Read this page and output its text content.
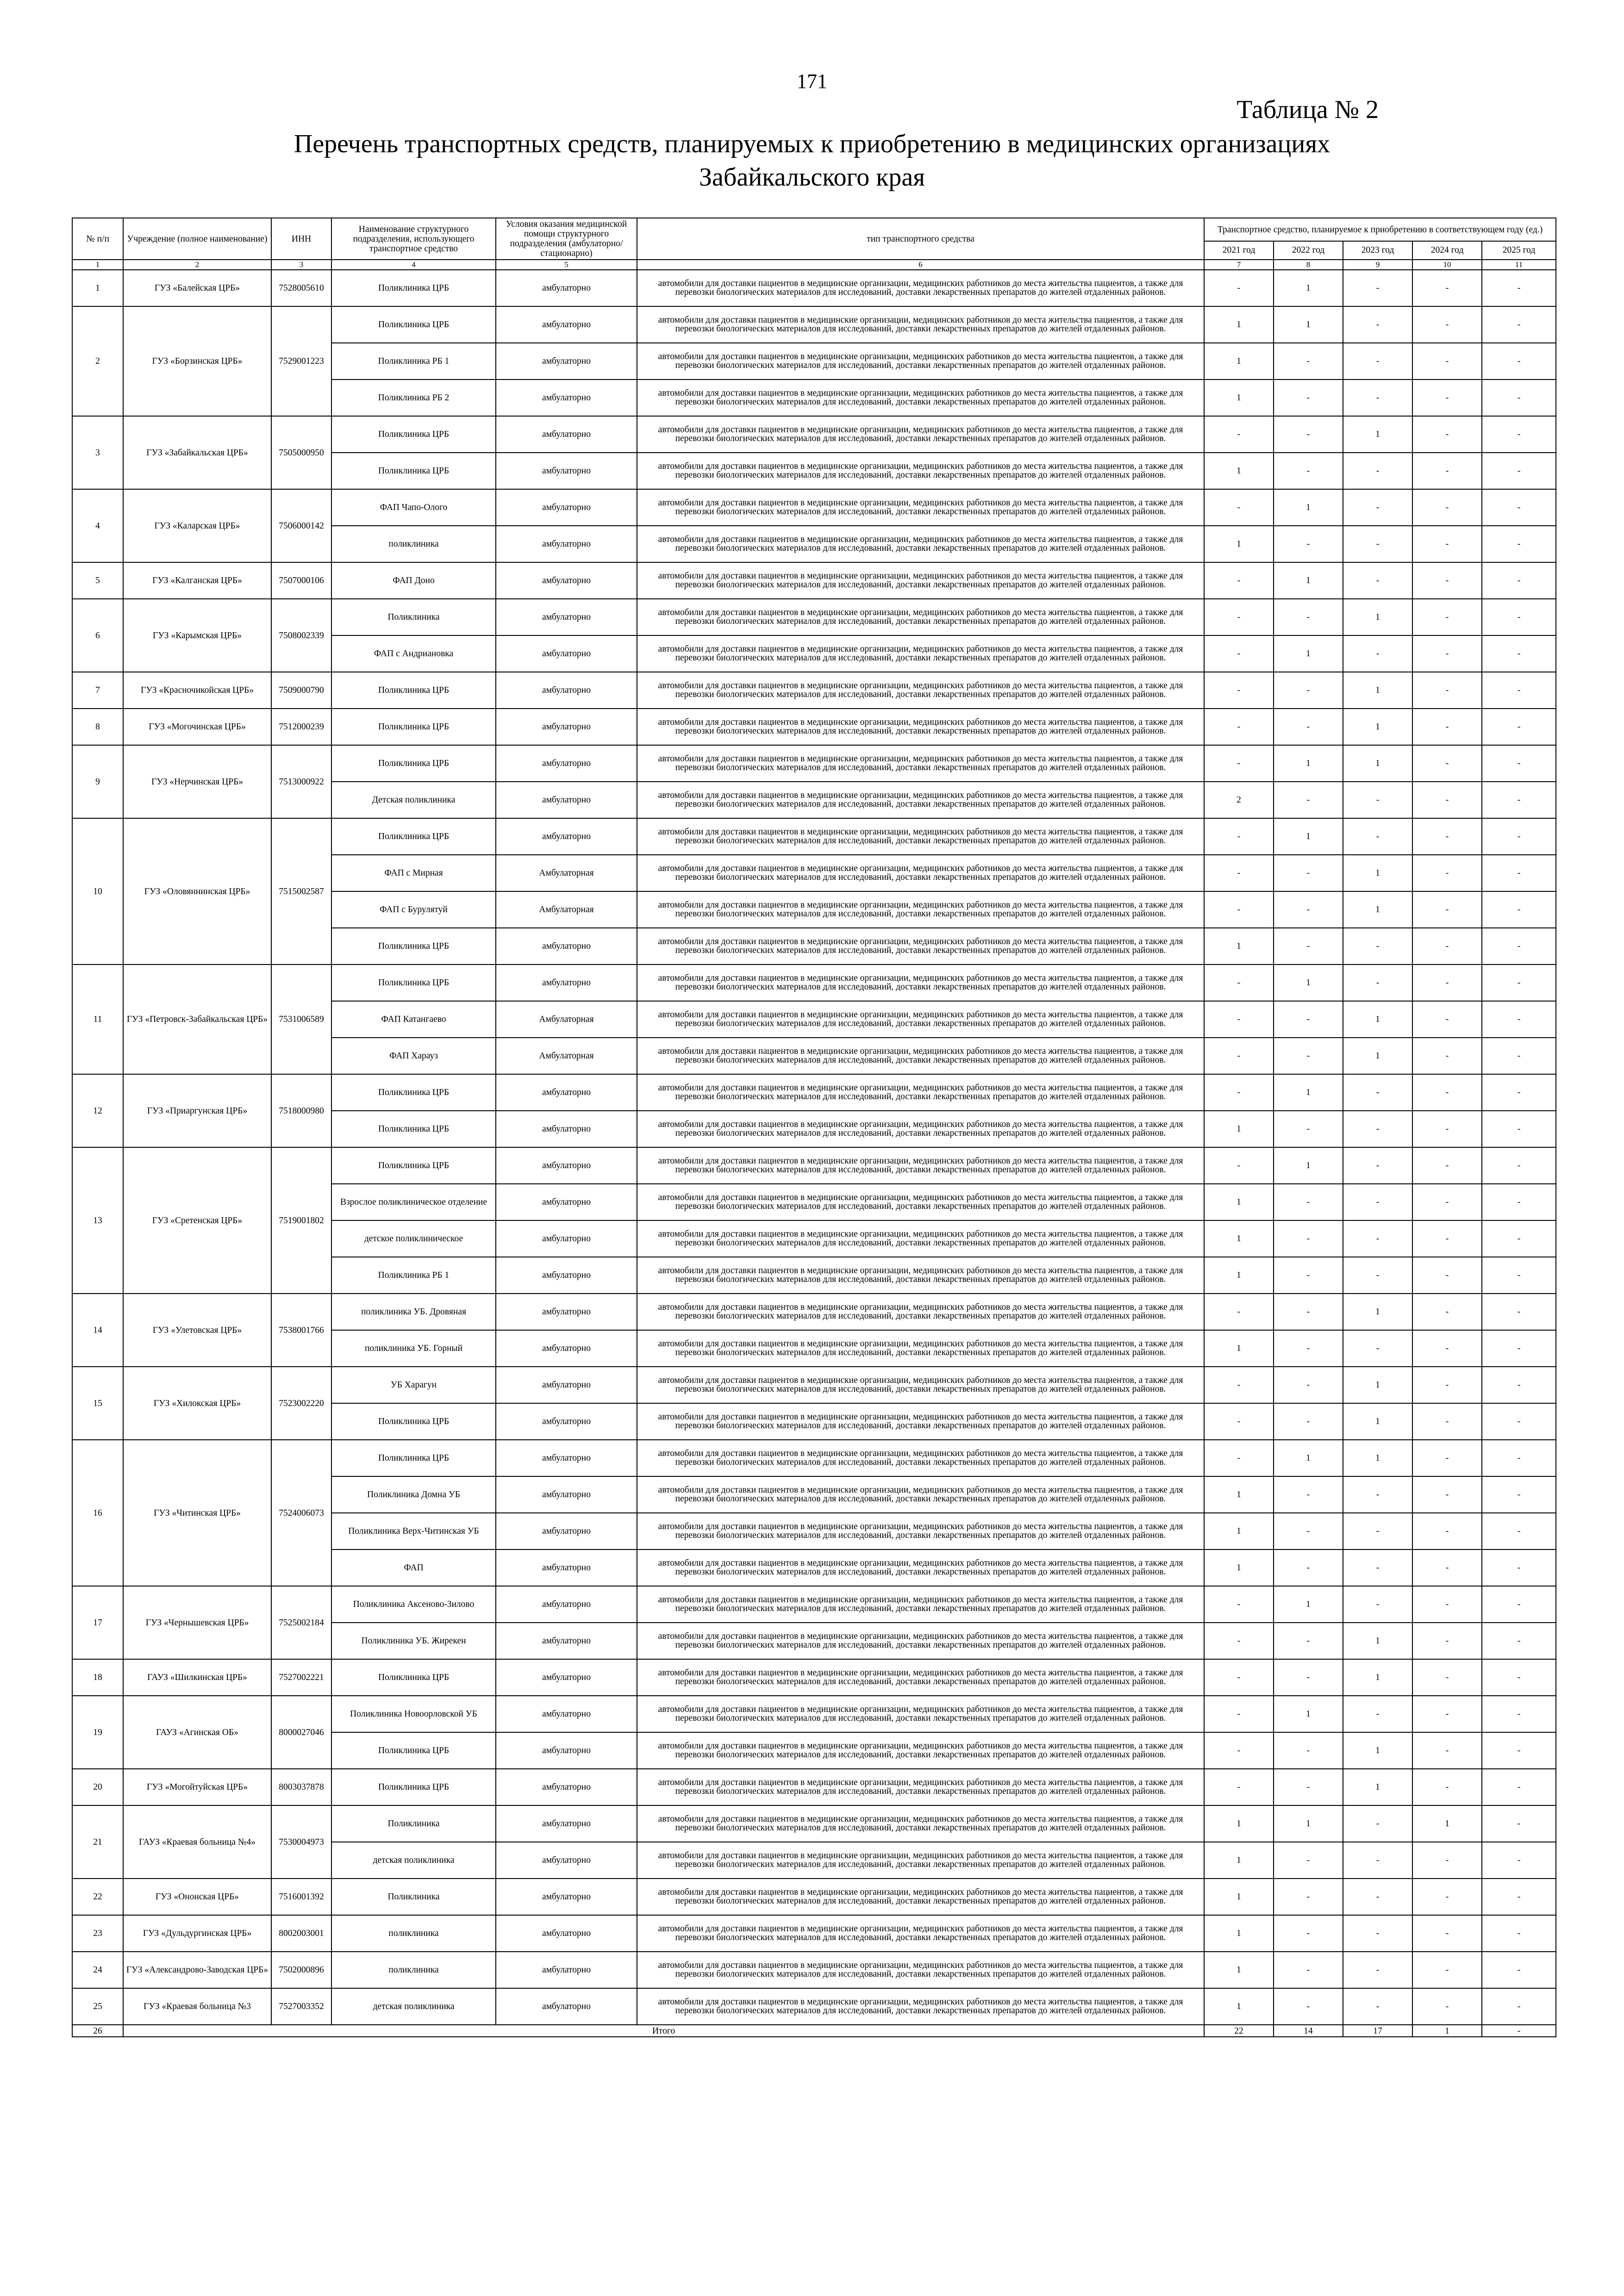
171
Таблица № 2
Перечень транспортных средств, планируемых к приобретению в медицинских организациях
Забайкальского края
№ п/п	Учреждение (полное наименование)	ИНН	Наименование структурного подразделения, использующего транспортное средство	Условия оказания медицинской помощи структурного подразделения (амбулаторно/стационарно)	тип транспортного средства	Транспортное средство, планируемое к приобретению в соответствующем году (ед.)				
						2021 год	2022 год	2023 год	2024 год	2025 год
1	2	3	4	5	6	7	8	9	10	11
1	ГУЗ «Балейская ЦРБ»	7528005610	Поликлиника ЦРБ	амбулаторно	автомобили для доставки пациентов в медицинские организации, медицинских работников до места жительства пациентов, а также для перевозки биологических материалов для исследований, доставки лекарственных препаратов до жителей отдаленных районов.	-	1	-	-	-
2	ГУЗ «Борзинская ЦРБ»	7529001223	Поликлиника ЦРБ	амбулаторно	автомобили для доставки пациентов в медицинские организации, медицинских работников до места жительства пациентов, а также для перевозки биологических материалов для исследований, доставки лекарственных препаратов до жителей отдаленных районов.	1	1	-	-	-
			Поликлиника РБ 1	амбулаторно	автомобили для доставки пациентов в медицинские организации, медицинских работников до места жительства пациентов, а также для перевозки биологических материалов для исследований, доставки лекарственных препаратов до жителей отдаленных районов.	1	-	-	-	-
			Поликлиника РБ 2	амбулаторно	автомобили для доставки пациентов в медицинские организации, медицинских работников до места жительства пациентов, а также для перевозки биологических материалов для исследований, доставки лекарственных препаратов до жителей отдаленных районов.	1	-	-	-	-
3	ГУЗ «Забайкальская ЦРБ»	7505000950	Поликлиника ЦРБ	амбулаторно	автомобили для доставки пациентов в медицинские организации, медицинских работников до места жительства пациентов, а также для перевозки биологических материалов для исследований, доставки лекарственных препаратов до жителей отдаленных районов.	-	-	1	-	-
			Поликлиника ЦРБ	амбулаторно	автомобили для доставки пациентов в медицинские организации, медицинских работников до места жительства пациентов, а также для перевозки биологических материалов для исследований, доставки лекарственных препаратов до жителей отдаленных районов.	1	-	-	-	-
4	ГУЗ «Каларская ЦРБ»	7506000142	ФАП Чапо-Олого	амбулаторно	автомобили для доставки пациентов в медицинские организации, медицинских работников до места жительства пациентов, а также для перевозки биологических материалов для исследований, доставки лекарственных препаратов до жителей отдаленных районов.	-	1	-	-	-
			поликлиника	амбулаторно	автомобили для доставки пациентов в медицинские организации, медицинских работников до места жительства пациентов, а также для перевозки биологических материалов для исследований, доставки лекарственных препаратов до жителей отдаленных районов.	1	-	-	-	-
5	ГУЗ «Калганская ЦРБ»	7507000106	ФАП Доно	амбулаторно	автомобили для доставки пациентов в медицинские организации, медицинских работников до места жительства пациентов, а также для перевозки биологических материалов для исследований, доставки лекарственных препаратов до жителей отдаленных районов.	-	1	-	-	-
6	ГУЗ «Карымская ЦРБ»	7508002339	Поликлиника	амбулаторно	автомобили для доставки пациентов в медицинские организации, медицинских работников до места жительства пациентов, а также для перевозки биологических материалов для исследований, доставки лекарственных препаратов до жителей отдаленных районов.	-	-	1	-	-
			ФАП с Андриановка	амбулаторно	автомобили для доставки пациентов в медицинские организации, медицинских работников до места жительства пациентов, а также для перевозки биологических материалов для исследований, доставки лекарственных препаратов до жителей отдаленных районов.	-	1	-	-	-
7	ГУЗ «Красночикойская ЦРБ»	7509000790	Поликлиника ЦРБ	амбулаторно	автомобили для доставки пациентов в медицинские организации, медицинских работников до места жительства пациентов, а также для перевозки биологических материалов для исследований, доставки лекарственных препаратов до жителей отдаленных районов.	-	-	1	-	-
8	ГУЗ «Могочинская ЦРБ»	7512000239	Поликлиника ЦРБ	амбулаторно	автомобили для доставки пациентов в медицинские организации, медицинских работников до места жительства пациентов, а также для перевозки биологических материалов для исследований, доставки лекарственных препаратов до жителей отдаленных районов.	-	-	1	-	-
9	ГУЗ «Нерчинская ЦРБ»	7513000922	Поликлиника ЦРБ	амбулаторно	автомобили для доставки пациентов в медицинские организации, медицинских работников до места жительства пациентов, а также для перевозки биологических материалов для исследований, доставки лекарственных препаратов до жителей отдаленных районов.	-	1	1	-	-
			Детская поликлиника	амбулаторно	автомобили для доставки пациентов в медицинские организации, медицинских работников до места жительства пациентов, а также для перевозки биологических материалов для исследований, доставки лекарственных препаратов до жителей отдаленных районов.	2	-	-	-	-
10	ГУЗ «Оловяннинская ЦРБ»	7515002587	Поликлиника ЦРБ	амбулаторно	автомобили для доставки пациентов в медицинские организации, медицинских работников до места жительства пациентов, а также для перевозки биологических материалов для исследований, доставки лекарственных препаратов до жителей отдаленных районов.	-	1	-	-	-
			ФАП с Мирная	Амбулаторная	автомобили для доставки пациентов в медицинские организации, медицинских работников до места жительства пациентов, а также для перевозки биологических материалов для исследований, доставки лекарственных препаратов до жителей отдаленных районов.	-	-	1	-	-
			ФАП с Бурулятуй	Амбулаторная	автомобили для доставки пациентов в медицинские организации, медицинских работников до места жительства пациентов, а также для перевозки биологических материалов для исследований, доставки лекарственных препаратов до жителей отдаленных районов.	-	-	1	-	-
			Поликлиника ЦРБ	амбулаторно	автомобили для доставки пациентов в медицинские организации, медицинских работников до места жительства пациентов, а также для перевозки биологических материалов для исследований, доставки лекарственных препаратов до жителей отдаленных районов.	1	-	-	-	-
11	ГУЗ «Петровск-Забайкальская ЦРБ»	7531006589	Поликлиника ЦРБ	амбулаторно	автомобили для доставки пациентов в медицинские организации, медицинских работников до места жительства пациентов, а также для перевозки биологических материалов для исследований, доставки лекарственных препаратов до жителей отдаленных районов.	-	1	-	-	-
			ФАП Катангаево	Амбулаторная	автомобили для доставки пациентов в медицинские организации, медицинских работников до места жительства пациентов, а также для перевозки биологических материалов для исследований, доставки лекарственных препаратов до жителей отдаленных районов.	-	-	1	-	-
			ФАП Харауз	Амбулаторная	автомобили для доставки пациентов в медицинские организации, медицинских работников до места жительства пациентов, а также для перевозки биологических материалов для исследований, доставки лекарственных препаратов до жителей отдаленных районов.	-	-	1	-	-
12	ГУЗ «Приаргунская ЦРБ»	7518000980	Поликлиника ЦРБ	амбулаторно	автомобили для доставки пациентов в медицинские организации, медицинских работников до места жительства пациентов, а также для перевозки биологических материалов для исследований, доставки лекарственных препаратов до жителей отдаленных районов.	-	1	-	-	-
			Поликлиника ЦРБ	амбулаторно	автомобили для доставки пациентов в медицинские организации, медицинских работников до места жительства пациентов, а также для перевозки биологических материалов для исследований, доставки лекарственных препаратов до жителей отдаленных районов.	1	-	-	-	-
13	ГУЗ «Сретенская ЦРБ»	7519001802	Поликлиника ЦРБ	амбулаторно	автомобили для доставки пациентов в медицинские организации, медицинских работников до места жительства пациентов, а также для перевозки биологических материалов для исследований, доставки лекарственных препаратов до жителей отдаленных районов.	-	1	-	-	-
			Взрослое поликлиническое отделение	амбулаторно	автомобили для доставки пациентов в медицинские организации, медицинских работников до места жительства пациентов, а также для перевозки биологических материалов для исследований, доставки лекарственных препаратов до жителей отдаленных районов.	1	-	-	-	-
			детское поликлиническое	амбулаторно	автомобили для доставки пациентов в медицинские организации, медицинских работников до места жительства пациентов, а также для перевозки биологических материалов для исследований, доставки лекарственных препаратов до жителей отдаленных районов.	1	-	-	-	-
			Поликлиника РБ 1	амбулаторно	автомобили для доставки пациентов в медицинские организации, медицинских работников до места жительства пациентов, а также для перевозки биологических материалов для исследований, доставки лекарственных препаратов до жителей отдаленных районов.	1	-	-	-	-
14	ГУЗ «Улетовская ЦРБ»	7538001766	поликлиника УБ. Дровяная	амбулаторно	автомобили для доставки пациентов в медицинские организации, медицинских работников до места жительства пациентов, а также для перевозки биологических материалов для исследований, доставки лекарственных препаратов до жителей отдаленных районов.	-	-	1	-	-
			поликлиника УБ. Горный	амбулаторно	автомобили для доставки пациентов в медицинские организации, медицинских работников до места жительства пациентов, а также для перевозки биологических материалов для исследований, доставки лекарственных препаратов до жителей отдаленных районов.	1	-	-	-	-
15	ГУЗ «Хилокская ЦРБ»	7523002220	УБ Харагун	амбулаторно	автомобили для доставки пациентов в медицинские организации, медицинских работников до места жительства пациентов, а также для перевозки биологических материалов для исследований, доставки лекарственных препаратов до жителей отдаленных районов.	-	-	1	-	-
			Поликлиника ЦРБ	амбулаторно	автомобили для доставки пациентов в медицинские организации, медицинских работников до места жительства пациентов, а также для перевозки биологических материалов для исследований, доставки лекарственных препаратов до жителей отдаленных районов.	-	-	1	-	-
16	ГУЗ «Читинская ЦРБ»	7524006073	Поликлиника ЦРБ	амбулаторно	автомобили для доставки пациентов в медицинские организации, медицинских работников до места жительства пациентов, а также для перевозки биологических материалов для исследований, доставки лекарственных препаратов до жителей отдаленных районов.	-	1	1	-	-
			Поликлиника Домна УБ	амбулаторно	автомобили для доставки пациентов в медицинские организации, медицинских работников до места жительства пациентов, а также для перевозки биологических материалов для исследований, доставки лекарственных препаратов до жителей отдаленных районов.	1	-	-	-	-
			Поликлиника Верх-Читинская УБ	амбулаторно	автомобили для доставки пациентов в медицинские организации, медицинских работников до места жительства пациентов, а также для перевозки биологических материалов для исследований, доставки лекарственных препаратов до жителей отдаленных районов.	1	-	-	-	-
			ФАП	амбулаторно	автомобили для доставки пациентов в медицинские организации, медицинских работников до места жительства пациентов, а также для перевозки биологических материалов для исследований, доставки лекарственных препаратов до жителей отдаленных районов.	1	-	-	-	-
17	ГУЗ «Чернышевская ЦРБ»	7525002184	Поликлиника Аксеново-Зиловo	амбулаторно	автомобили для доставки пациентов в медицинские организации, медицинских работников до места жительства пациентов, а также для перевозки биологических материалов для исследований, доставки лекарственных препаратов до жителей отдаленных районов.	-	1	-	-	-
			Поликлиника УБ. Жирекен	амбулаторно	автомобили для доставки пациентов в медицинские организации, медицинских работников до места жительства пациентов, а также для перевозки биологических материалов для исследований, доставки лекарственных препаратов до жителей отдаленных районов.	-	-	1	-	-
18	ГАУЗ «Шилкинская ЦРБ»	7527002221	Поликлиника ЦРБ	амбулаторно	автомобили для доставки пациентов в медицинские организации, медицинских работников до места жительства пациентов, а также для перевозки биологических материалов для исследований, доставки лекарственных препаратов до жителей отдаленных районов.	-	-	1	-	-
19	ГАУЗ «Агинская ОБ»	8000027046	Поликлиника Новоорловской УБ	амбулаторно	автомобили для доставки пациентов в медицинские организации, медицинских работников до места жительства пациентов, а также для перевозки биологических материалов для исследований, доставки лекарственных препаратов до жителей отдаленных районов.	-	1	-	-	-
			Поликлиника ЦРБ	амбулаторно	автомобили для доставки пациентов в медицинские организации, медицинских работников до места жительства пациентов, а также для перевозки биологических материалов для исследований, доставки лекарственных препаратов до жителей отдаленных районов.	-	-	1	-	-
20	ГУЗ «Могойтуйская ЦРБ»	8003037878	Поликлиника ЦРБ	амбулаторно	автомобили для доставки пациентов в медицинские организации, медицинских работников до места жительства пациентов, а также для перевозки биологических материалов для исследований, доставки лекарственных препаратов до жителей отдаленных районов.	-	-	1	-	-
21	ГАУЗ «Краевая больница №4»	7530004973	Поликлиника	амбулаторно	автомобили для доставки пациентов в медицинские организации, медицинских работников до места жительства пациентов, а также для перевозки биологических материалов для исследований, доставки лекарственных препаратов до жителей отдаленных районов.	1	1	-	1	-
			детская поликлиника	амбулаторно	автомобили для доставки пациентов в медицинские организации, медицинских работников до места жительства пациентов, а также для перевозки биологических материалов для исследований, доставки лекарственных препаратов до жителей отдаленных районов.	1	-	-	-	-
22	ГУЗ «Ононская ЦРБ»	7516001392	Поликлиника	амбулаторно	автомобили для доставки пациентов в медицинские организации, медицинских работников до места жительства пациентов, а также для перевозки биологических материалов для исследований, доставки лекарственных препаратов до жителей отдаленных районов.	1	-	-	-	-
23	ГУЗ «Дульдургинская ЦРБ»	8002003001	поликлиника	амбулаторно	автомобили для доставки пациентов в медицинские организации, медицинских работников до места жительства пациентов, а также для перевозки биологических материалов для исследований, доставки лекарственных препаратов до жителей отдаленных районов.	1	-	-	-	-
24	ГУЗ «Александрово-Заводская ЦРБ»	7502000896	поликлиника	амбулаторно	автомобили для доставки пациентов в медицинские организации, медицинских работников до места жительства пациентов, а также для перевозки биологических материалов для исследований, доставки лекарственных препаратов до жителей отдаленных районов.	1	-	-	-	-
25	ГУЗ «Краевая больница №3	7527003352	детская поликлиника	амбулаторно	автомобили для доставки пациентов в медицинские организации, медицинских работников до места жительства пациентов, а также для перевозки биологических материалов для исследований, доставки лекарственных препаратов до жителей отдаленных районов.	1	-	-	-	-
26	Итого					22	14	17	1	-
